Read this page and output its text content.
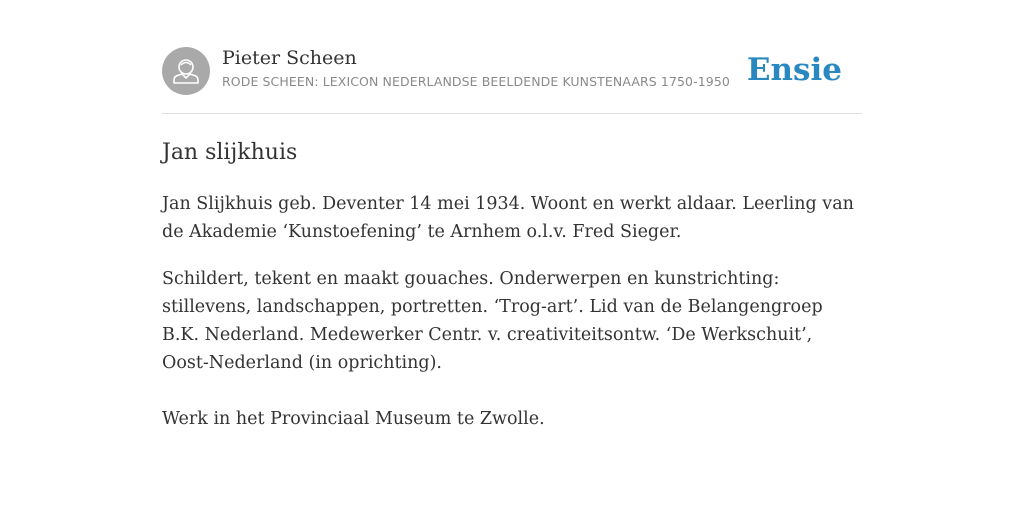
Pieter Scheen
RODE SCHEEN: LEXICON NEDERLANDSE BEELDENDE KUNSTENAARS 1750-1950 Ensie
Jan slijkhuis

Jan Slijkhuis geb. Deventer 14 mei 1934. Woont en werkt aldaar. Leerling van de Akademie ‘Kunstoefening’ te Arnhem o.l.v. Fred Sieger.

Schildert, tekent en maakt gouaches. Onderwerpen en kunstrichting: stillevens, landschappen, portretten. ‘Trog-art’. Lid van de Belangengroep B.K. Nederland. Medewerker Centr. v. creativiteitsontw. ‘De Werkschuit’, Oost-Nederland (in oprichting).

Werk in het Provinciaal Museum te Zwolle.
